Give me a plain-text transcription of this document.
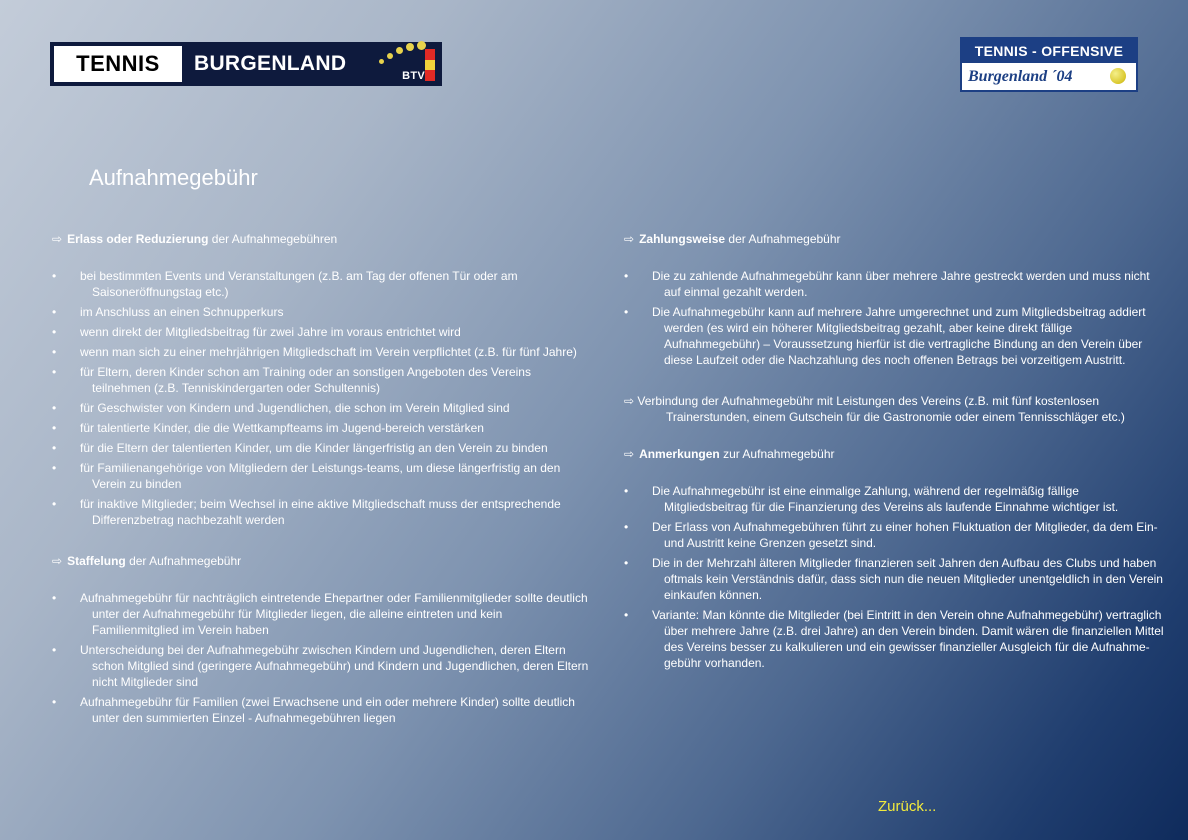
TENNIS	BURGENLAND
BTV
TENNIS - OFFENSIVE
Burgenland ´04
Aufnahmegebühr
⇨ Erlass oder Reduzierung der Aufnahmegebühren
• bei bestimmten Events und Veranstaltungen (z.B. am Tag der offenen Tür oder am Saisoneröffnungstag etc.)
• im Anschluss an einen Schnupperkurs
• wenn direkt der Mitgliedsbeitrag für zwei Jahre im voraus entrichtet wird
• wenn man sich zu einer mehrjährigen Mitgliedschaft im Verein verpflichtet (z.B. für fünf Jahre)
• für Eltern, deren Kinder schon am Training oder an sonstigen Angeboten des Vereins teilnehmen (z.B. Tenniskindergarten oder Schultennis)
• für Geschwister von Kindern und Jugendlichen, die schon im Verein Mitglied sind
• für talentierte Kinder, die die Wettkampfteams im Jugend-bereich verstärken
• für die Eltern der talentierten Kinder, um die Kinder längerfristig an den Verein zu binden
• für Familienangehörige von Mitgliedern der Leistungs-teams, um diese längerfristig an den Verein zu binden
• für inaktive Mitglieder; beim Wechsel in eine aktive Mitgliedschaft muss der entsprechende Differenzbetrag nachbezahlt werden
⇨ Staffelung der Aufnahmegebühr
• Aufnahmegebühr für nachträglich eintretende Ehepartner oder Familienmitglieder sollte deutlich unter der Aufnahmegebühr für Mitglieder liegen, die alleine eintreten und kein Familienmitglied im Verein haben
• Unterscheidung bei der Aufnahmegebühr zwischen Kindern und Jugendlichen, deren Eltern schon Mitglied sind (geringere Aufnahmegebühr) und Kindern und Jugendlichen, deren Eltern nicht Mitglieder sind
• Aufnahmegebühr für Familien (zwei Erwachsene und ein oder mehrere Kinder) sollte deutlich unter den summierten Einzel - Aufnahmegebühren liegen
⇨ Zahlungsweise der Aufnahmegebühr
• Die zu zahlende Aufnahmegebühr kann über mehrere Jahre gestreckt werden und muss nicht auf einmal gezahlt werden.
• Die Aufnahmegebühr kann auf mehrere Jahre umgerechnet und zum Mitgliedsbeitrag addiert werden (es wird ein höherer Mitgliedsbeitrag gezahlt, aber keine direkt fällige Aufnahmegebühr) – Voraussetzung hierfür ist die vertragliche Bindung an den Verein über diese Laufzeit oder die Nachzahlung des noch offenen Betrags bei vorzeitigem Austritt.
⇨ Verbindung der Aufnahmegebühr mit Leistungen des Vereins (z.B. mit fünf kostenlosen Trainerstunden, einem Gutschein für die Gastronomie oder einem Tennisschläger etc.)
⇨ Anmerkungen zur Aufnahmegebühr
• Die Aufnahmegebühr ist eine einmalige Zahlung, während der regelmäßig fällige Mitgliedsbeitrag für die Finanzierung des Vereins als laufende Einnahme wichtiger ist.
• Der Erlass von Aufnahmegebühren führt zu einer hohen Fluktuation der Mitglieder, da dem Ein- und Austritt keine Grenzen gesetzt sind.
• Die in der Mehrzahl älteren Mitglieder finanzieren seit Jahren den Aufbau des Clubs und haben oftmals kein Verständnis dafür, dass sich nun die neuen Mitglieder unentgeldlich in den Verein einkaufen können.
• Variante: Man könnte die Mitglieder (bei Eintritt in den Verein ohne Aufnahmegebühr) vertraglich über mehrere Jahre (z.B. drei Jahre) an den Verein binden. Damit wären die finanziellen Mittel des Vereins besser zu kalkulieren und ein gewisser finanzieller Ausgleich für die Aufnahme-gebühr vorhanden.
Zurück...
